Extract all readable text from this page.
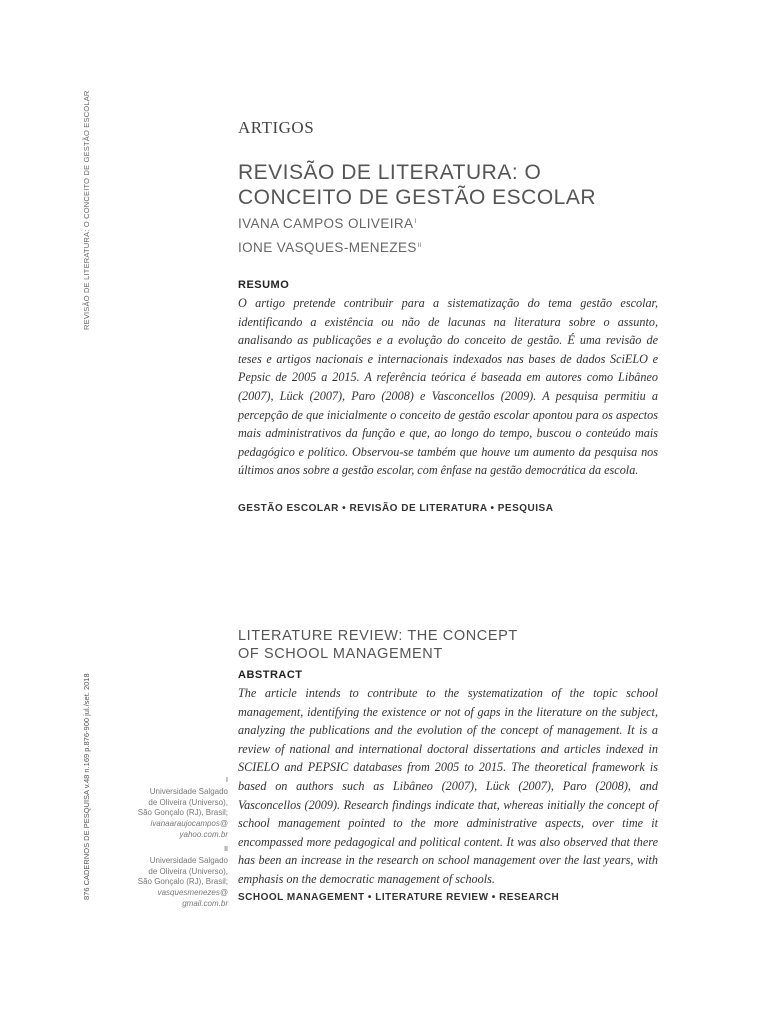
REVISÃO DE LITERATURA: O CONCEITO DE GESTÃO ESCOLAR
876 CADERNOS DE PESQUISA v.48 n.169 p.876-900 jul./set. 2018
ARTIGOS
REVISÃO DE LITERATURA: O
CONCEITO DE GESTÃO ESCOLAR
IVANA CAMPOS $OLIVEIRA^I$
IONE VASQUES-$MENEZES^{II}$
RESUMO
O artigo pretende contribuir para a sistematização do tema gestão escolar, identificando a existência ou não de lacunas na literatura sobre o assunto, analisando as publicações e a evolução do conceito de gestão. É uma revisão de teses e artigos nacionais e internacionais indexados nas bases de dados SciELO e Pepsic de 2005 a 2015. A referência teórica é baseada em autores como Libâneo (2007), Lück (2007), Paro (2008) e Vasconcellos (2009). A pesquisa permitiu a percepção de que inicialmente o conceito de gestão escolar apontou para os aspectos mais administrativos da função e que, ao longo do tempo, buscou o conteúdo mais pedagógico e político. Observou-se também que houve um aumento da pesquisa nos últimos anos sobre a gestão escolar, com ênfase na gestão democrática da escola.
GESTÃO ESCOLAR • REVISÃO DE LITERATURA • PESQUISA
LITERATURE REVIEW: THE CONCEPT
OF SCHOOL MANAGEMENT
ABSTRACT
The article intends to contribute to the systematization of the topic school management, identifying the existence or not of gaps in the literature on the subject, analyzing the publications and the evolution of the concept of management. It is a review of national and international doctoral dissertations and articles indexed in SCIELO and PEPSIC databases from 2005 to 2015. The theoretical framework is based on authors such as Libâneo (2007), Lück (2007), Paro (2008), and Vasconcellos (2009). Research findings indicate that, whereas initially the concept of school management pointed to the more administrative aspects, over time it encompassed more pedagogical and political content. It was also observed that there has been an increase in the research on school management over the last years, with emphasis on the democratic management of schools.
SCHOOL MANAGEMENT • LITERATURE REVIEW • RESEARCH
I
Universidade Salgado
de Oliveira (Universo),
São Gonçalo (RJ), Brasil;
ivanaaraujocampos@
yahoo.com.br
II
Universidade Salgado
de Oliveira (Universo),
São Gonçalo (RJ), Brasil;
vasquesmenezes@
gmail.com.br
